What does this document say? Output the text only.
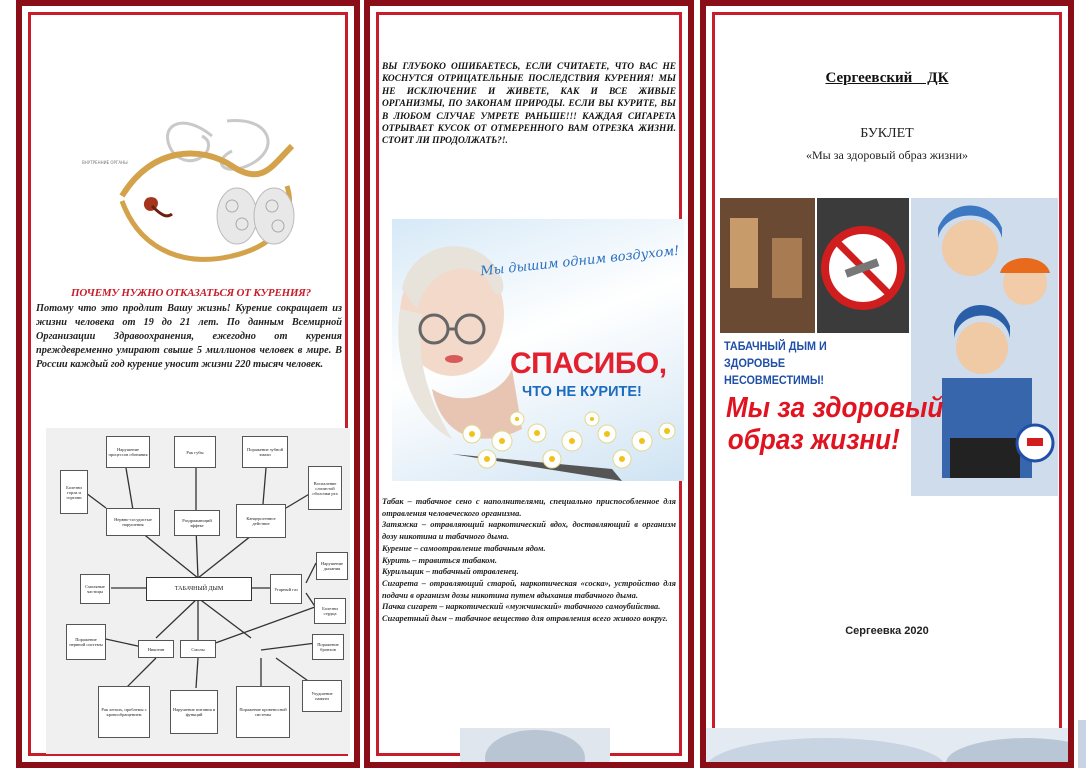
ВНУТРЕННИЕ ОРГАНЫ
ПОЧЕМУ НУЖНО ОТКАЗАТЬСЯ ОТ КУРЕНИЯ?
Потому что это продлит Вашу жизнь! Курение сокращает из жизни человека от 19 до 21 лет. По данным Всемирной Организации Здравоохранения, ежегодно от курения преждевременно умирают свыше 5 миллионов человек в мире. В России каждый год курение уносит жизни 220 тысяч человек.
ТАБАЧНЫЙ ДЫМ
Нарушение процессов обоняния	Рак губы	Поражение зубной эмали
Болезни горла и гортани
Воспаление слизистой оболочки рта
Нервно-сосудистые нарушения
Раздражающий эффект
Канцерогенное действие
Смоляные частицы	Угарный газ
Нарушение дыхания
Болезни сердца
Поражение нервной системы
Никотин	Смолы
Поражение бронхов
Рак легких, проблемы с кровообращением
Нарушение питания и функций
Поражение кровеносной системы
Ухудшение памяти
ВЫ ГЛУБОКО ОШИБАЕТЕСЬ, ЕСЛИ СЧИТАЕТЕ, ЧТО ВАС НЕ КОСНУТСЯ ОТРИЦАТЕЛЬНЫЕ ПОСЛЕДСТВИЯ КУРЕНИЯ! МЫ НЕ ИСКЛЮЧЕНИЕ И ЖИВЕТЕ, КАК И ВСЕ ЖИВЫЕ ОРГАНИЗМЫ, ПО ЗАКОНАМ ПРИРОДЫ. ЕСЛИ ВЫ КУРИТЕ, ВЫ В ЛЮБОМ СЛУЧАЕ УМРЕТЕ РАНЬШЕ!!! КАЖДАЯ СИГАРЕТА ОТРЫВАЕТ КУСОК ОТ ОТМЕРЕННОГО ВАМ ОТРЕЗКА ЖИЗНИ. СТОИТ ЛИ ПРОДОЛЖАТЬ?!.
Мы дышим одним воздухом!
СПАСИБО,
ЧТО НЕ КУРИТЕ!
Табак – табачное сено с наполнителями, специально приспособленное для отравления человеческого организма.
Затяжка – отравляющий наркотический вдох, доставляющий в организм дозу никотина и табачного дыма.
Курение – самоотравление табачным ядом.
Курить – травиться табаком.
Курильщик – табачный отравленец.
Сигарета – отравляющий старой, наркотическая «соска», устройство для подачи в организм дозы никотина путем вдыхания табачного дыма.
Пачка сигарет – наркотический «мужчинский» табачного самоубийства.
Сигаретный дым – табачное вещество для отравления всего живого вокруг.
Сергеевский    ДК
БУКЛЕТ
«Мы за здоровый образ жизни»
ТАБАЧНЫЙ ДЫМ И ЗДОРОВЬЕ НЕСОВМЕСТИМЫ!
Мы за здоровый
образ жизни!
Сергеевка 2020
